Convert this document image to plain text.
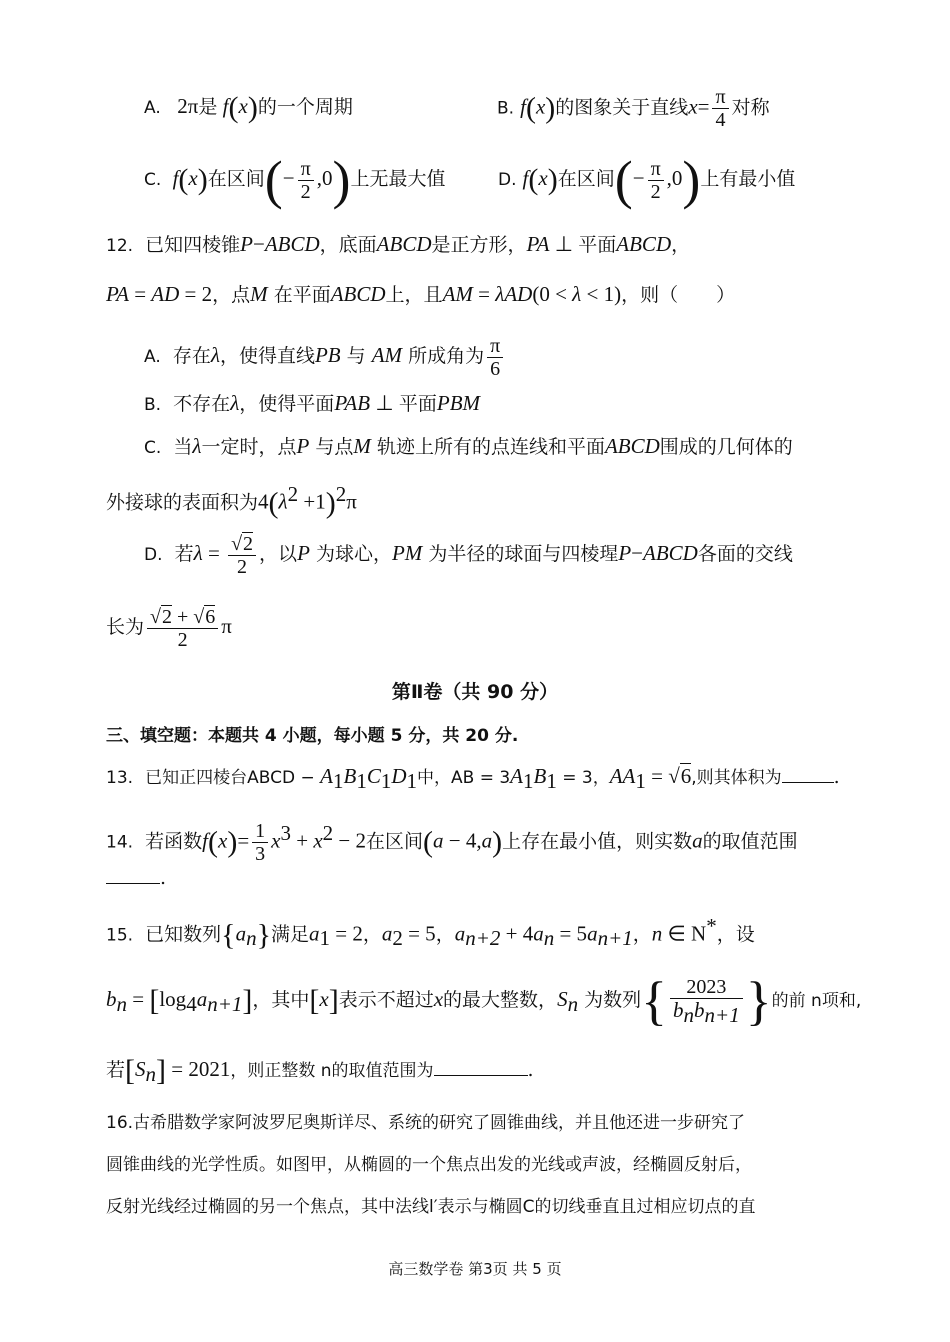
A.   2π是 f(x)的一个周期	B. f(x)的图象关于直线$x= \frac{\pi}{4}$ 对称
C.  f(x)在区间(− $\frac{\pi}{2} ,0$)上无最大值	D. f(x)在区间(− $\frac{\pi}{2} ,0$)上有最小值
12. 已知四棱锥P−ABCD，底面ABCD是正方形，PA ⊥ 平面ABCD，
PA = AD = 2，点M 在平面ABCD上，且AM = λAD(0 < λ < 1)，则（　　）
A. 存在λ，使得直线PB 与 AM 所成角为 $\frac{\pi}{6}$
B. 不存在λ，使得平面PAB ⊥ 平面PBM
C. 当λ一定时，点P 与点M 轨迹上所有的点连线和平面ABCD围成的几何体的
外接球的表面积为$4(\lambda^2 +1)^2\pi$
D. 若$\lambda = \frac{√2}{2}$ ，以P 为球心，PM 为半径的球面与四棱瑆P−ABCD各面的交线
长为 $\frac{√2 + √6}{2}$ π
第Ⅱ卷（共 90 分）
三、填空题：本题共 4 小题，每小题 5 分，共 20 分.
13. 已知正四棱台ABCD − $A_1B_1C_1D_1$中，AB = $3A_1B_1 = 3$，$AA_1 = √6$,则其体积为	.
14. 若函数$f(x)= \frac{1}{3} x^3 + x^2 - 2$在区间(a − 4,a)上存在最小值，则实数a的取值范围
.
15. 已知数列$\{a_n\}$满足$a_1 = 2$，$a_2 = 5$，$a_{n+2} + 4a_n = 5a_{n+1}$，n ∈ N*，设
$b_n = [\log_4a_{n+1}]$，其中[x]表示不超过x的最大整数，$S_n$ 为数列{ $\frac{2023}{b_nb_{n+1}}$ }的前 n项和,
若$[S_n] = 2021$，则正整数 n的取值范围为	.
16.古希腊数学家阿波罗尼奥斯详尽、系统的研究了圆锥曲线，并且他还进一步研究了
圆锥曲线的光学性质。如图甲，从椭圆的一个焦点出发的光线或声波，经椭圆反射后，
反射光线经过椭圆的另一个焦点，其中法线l′表示与椭圆C的切线垂直且过相应切点的直
高三数学卷 第3页 共 5 页
